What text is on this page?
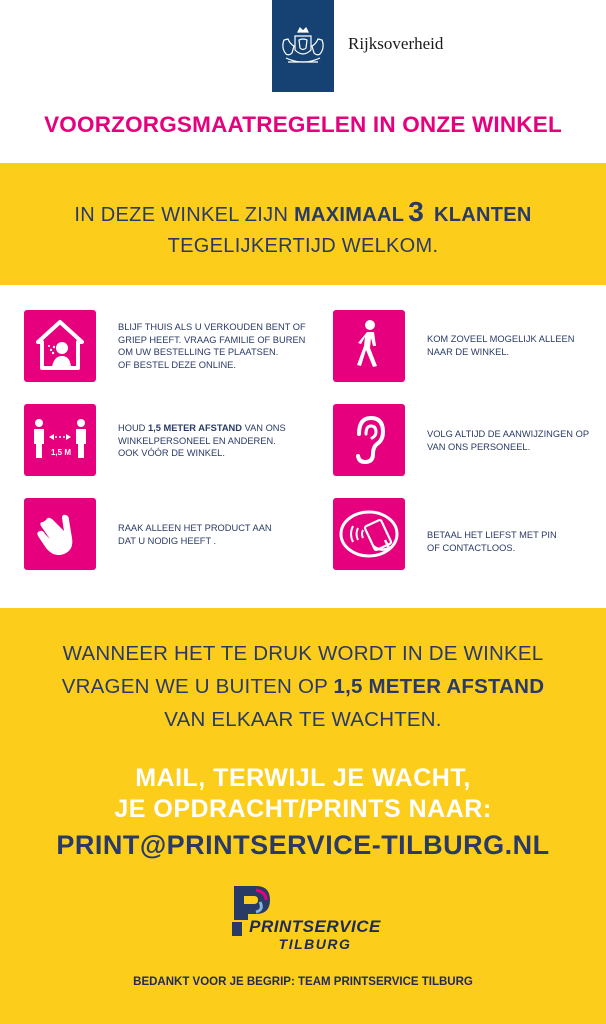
Rijksoverheid
VOORZORGSMAATREGELEN IN ONZE WINKEL
IN DEZE WINKEL ZIJN MAXIMAAL 3 KLANTEN
TEGELIJKERTIJD WELKOM.
BLIJF THUIS ALS U VERKOUDEN BENT OF
GRIEP HEEFT. VRAAG FAMILIE OF BUREN
OM UW BESTELLING TE PLAATSEN.
OF BESTEL DEZE ONLINE.
KOM ZOVEEL MOGELIJK ALLEEN
NAAR DE WINKEL.
1,5 M
HOUD 1,5 METER AFSTAND VAN ONS
WINKELPERSONEEL EN ANDEREN.
OOK VÓÓR DE WINKEL.
VOLG ALTIJD DE AANWIJZINGEN OP
VAN ONS PERSONEEL.
RAAK ALLEEN HET PRODUCT AAN
DAT U NODIG HEEFT .
BETAAL HET LIEFST MET PIN
OF CONTACTLOOS.
WANNEER HET TE DRUK WORDT IN DE WINKEL
VRAGEN WE U BUITEN OP 1,5 METER AFSTAND
VAN ELKAAR TE WACHTEN.
MAIL, TERWIJL JE WACHT,
JE OPDRACHT/PRINTS NAAR:
PRINT@PRINTSERVICE-TILBURG.NL
PRINTSERVICE
TILBURG
BEDANKT VOOR JE BEGRIP: TEAM PRINTSERVICE TILBURG
